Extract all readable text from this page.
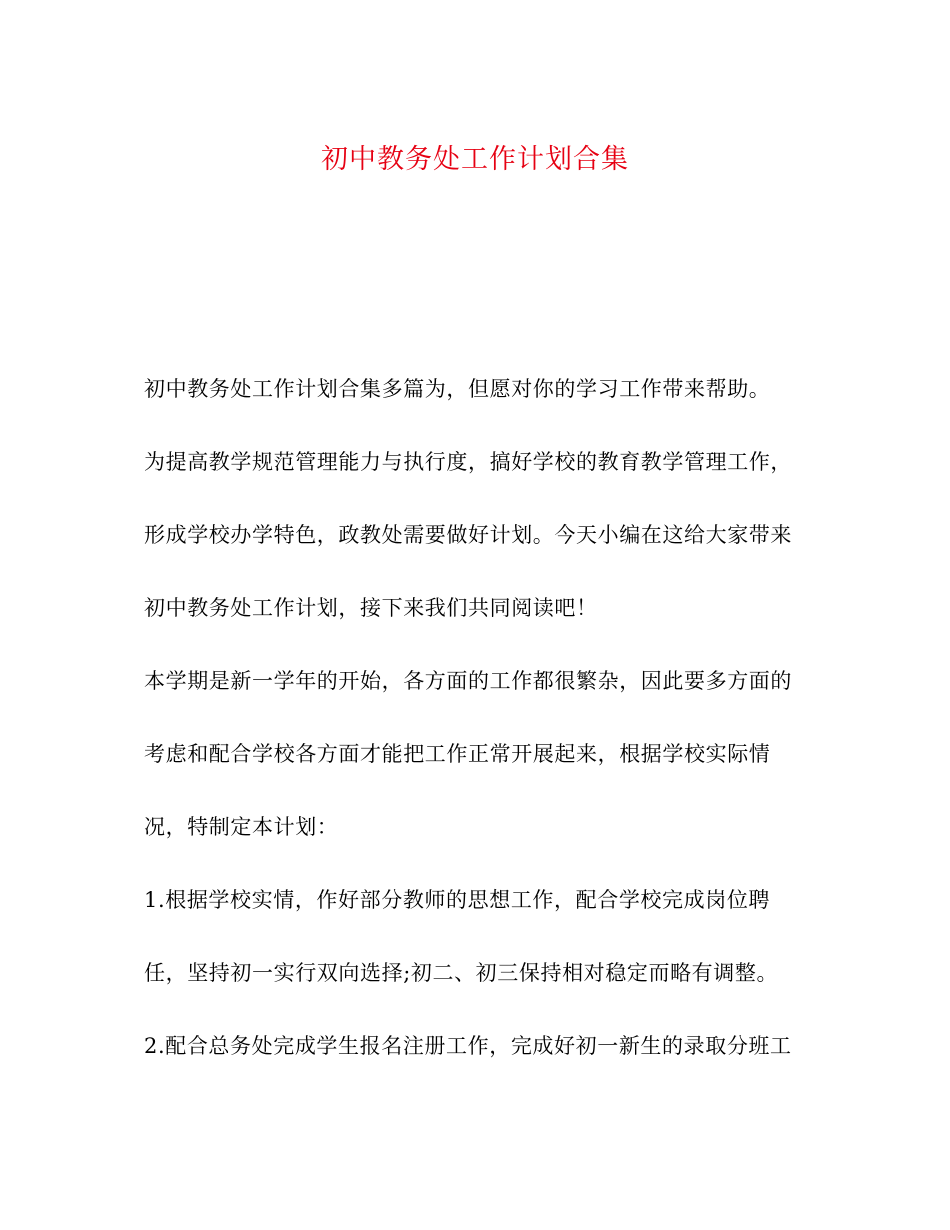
初中教务处工作计划合集
初中教务处工作计划合集多篇为，但愿对你的学习工作带来帮助。
为提高教学规范管理能力与执行度，搞好学校的教育教学管理工作，
形成学校办学特色，政教处需要做好计划。今天小编在这给大家带来
初中教务处工作计划，接下来我们共同阅读吧！
本学期是新一学年的开始，各方面的工作都很繁杂，因此要多方面的
考虑和配合学校各方面才能把工作正常开展起来，根据学校实际情
况，特制定本计划：
1.根据学校实情，作好部分教师的思想工作，配合学校完成岗位聘
任，坚持初一实行双向选择;初二、初三保持相对稳定而略有调整。
2.配合总务处完成学生报名注册工作，完成好初一新生的录取分班工
